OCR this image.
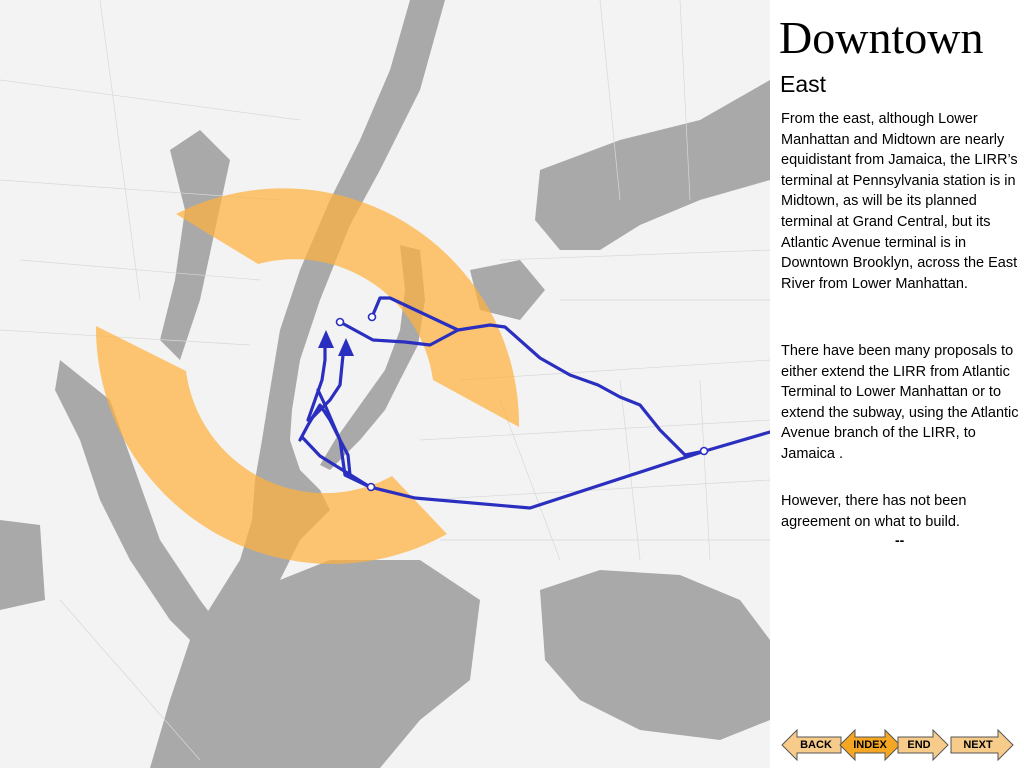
Downtown
East
From the east, although Lower Manhattan and Midtown are nearly equidistant from Jamaica, the LIRR’s terminal at Pennsylvania station is in Midtown, as will be its planned terminal at Grand Central, but its Atlantic Avenue terminal is in Downtown Brooklyn, across the East River from Lower Manhattan.
There have been many proposals to either extend the LIRR from Atlantic Terminal to Lower Manhattan or to extend the subway, using the Atlantic Avenue branch of the LIRR, to Jamaica .
However, there has not been agreement on what to build.
--
BACK	INDEX	END	NEXT
